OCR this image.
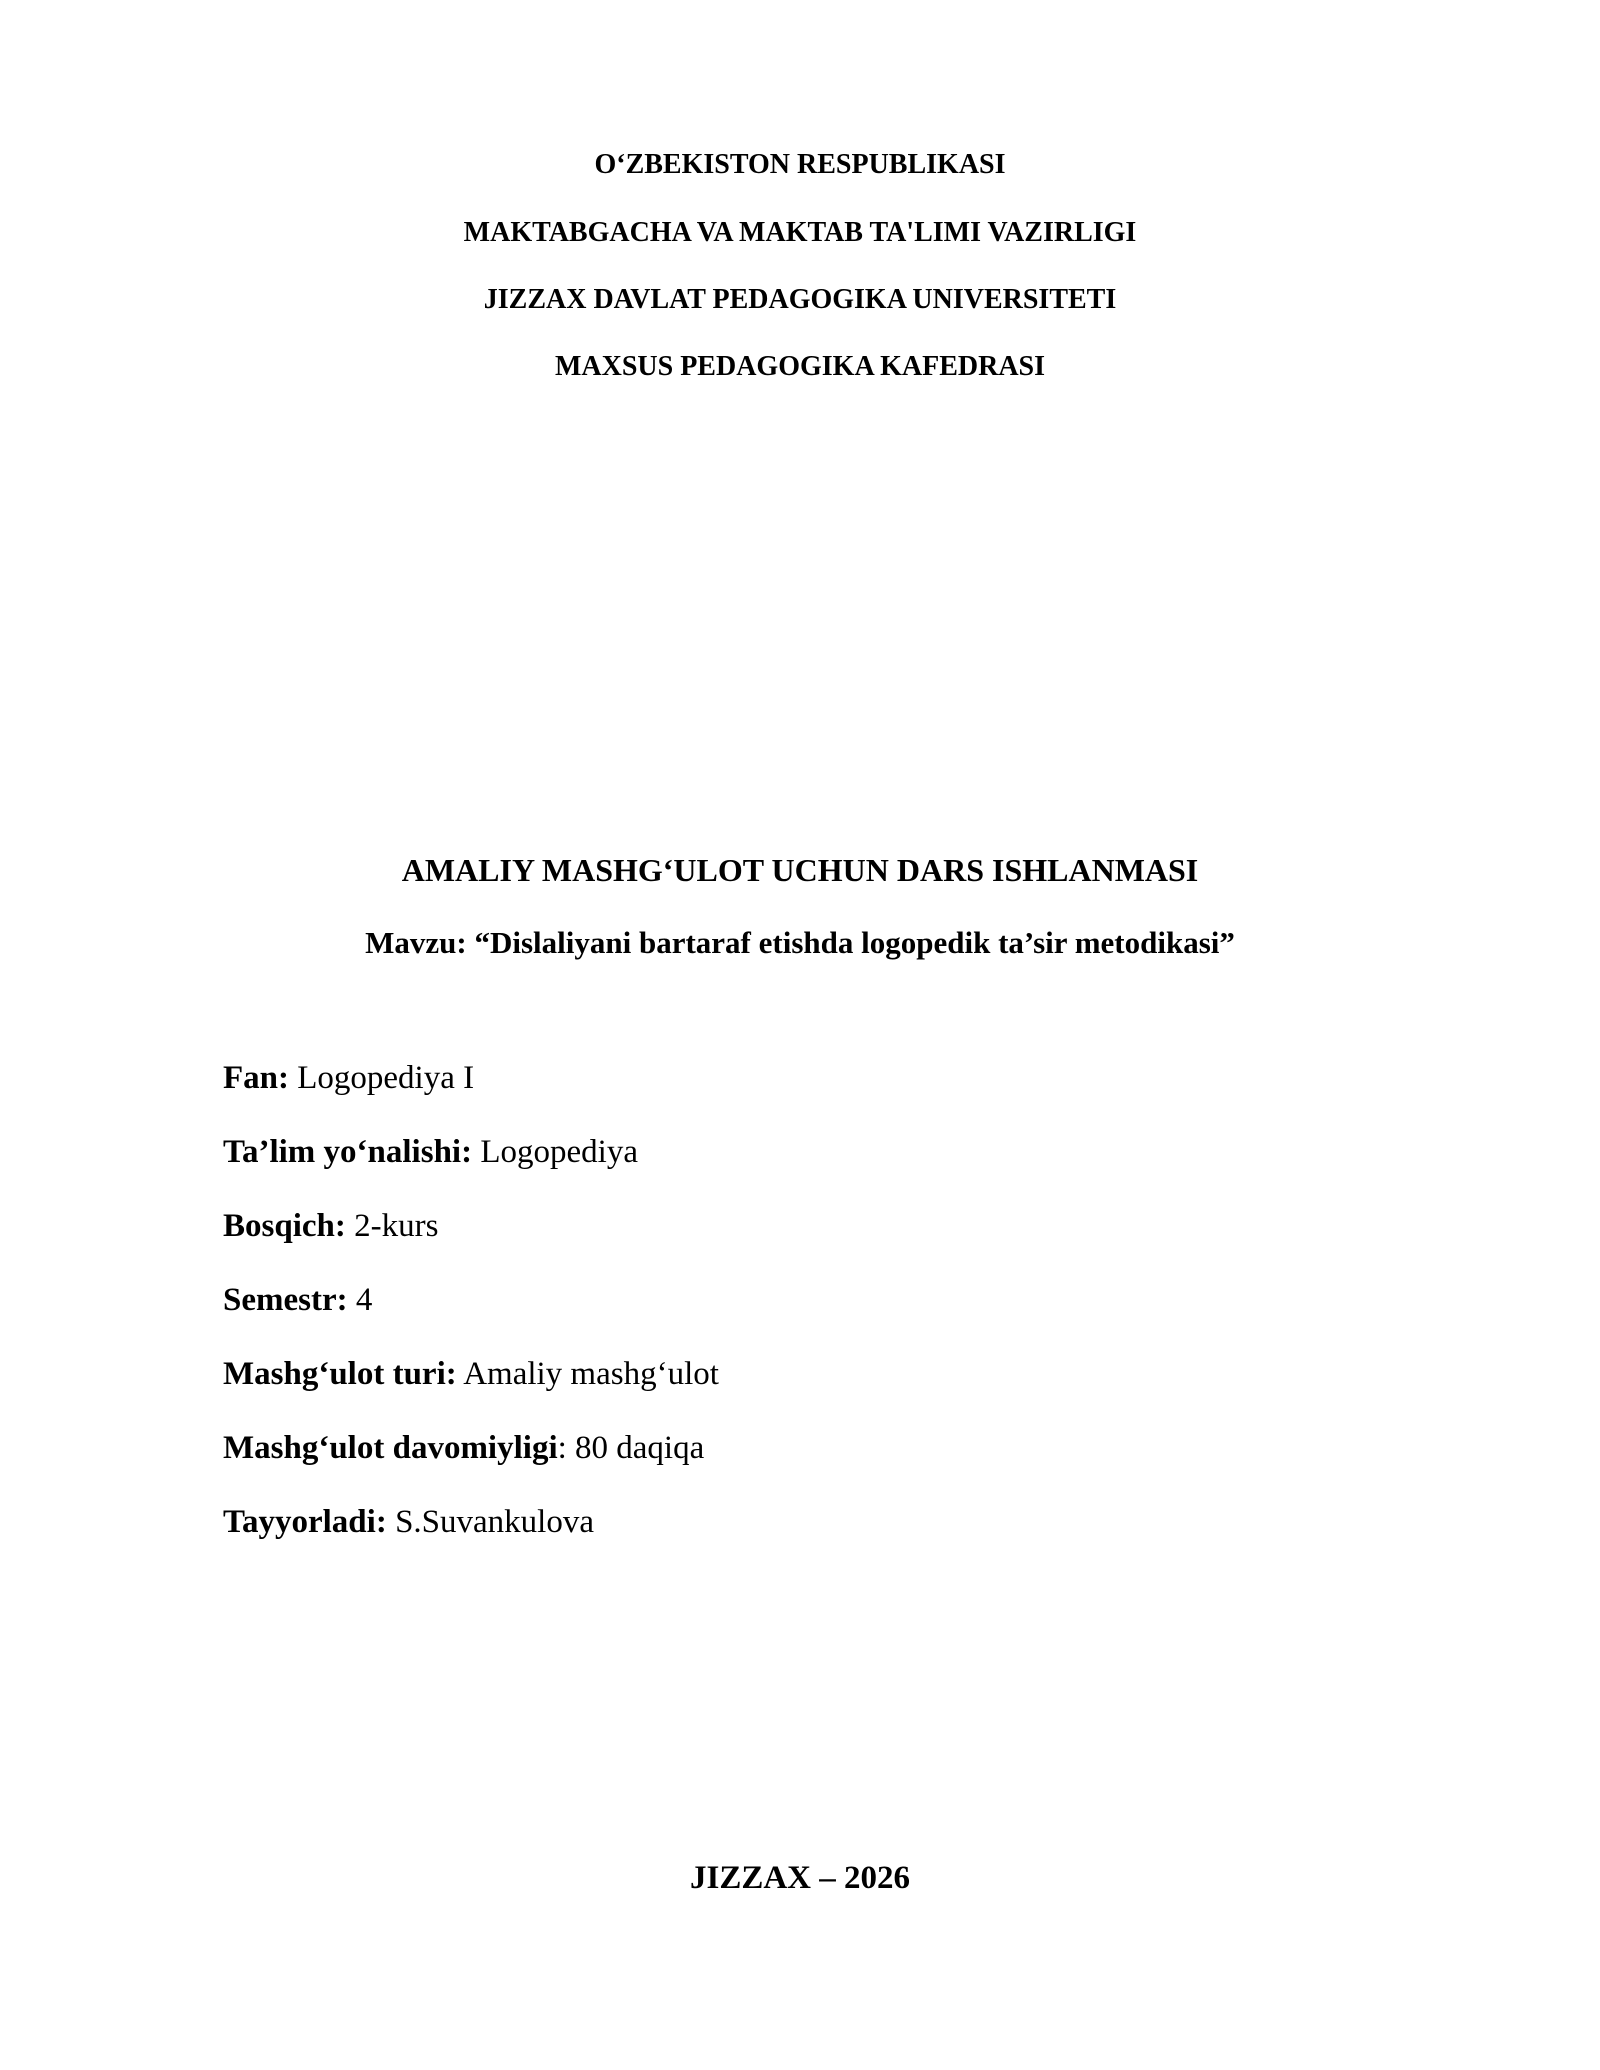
O‘ZBEKISTON RESPUBLIKASI
MAKTABGACHA VA MAKTAB TA'LIMI VAZIRLIGI
JIZZAX DAVLAT PEDAGOGIKA UNIVERSITETI
MAXSUS PEDAGOGIKA KAFEDRASI
AMALIY MASHG‘ULOT UCHUN DARS ISHLANMASI
Mavzu: “Dislaliyani bartaraf etishda logopedik ta’sir metodikasi”
Fan: Logopediya I
Ta’lim yo‘nalishi: Logopediya
Bosqich: 2-kurs
Semestr: 4
Mashg‘ulot turi: Amaliy mashg‘ulot
Mashg‘ulot davomiyligi: 80 daqiqa
Tayyorladi: S.Suvankulova
JIZZAX – 2026
